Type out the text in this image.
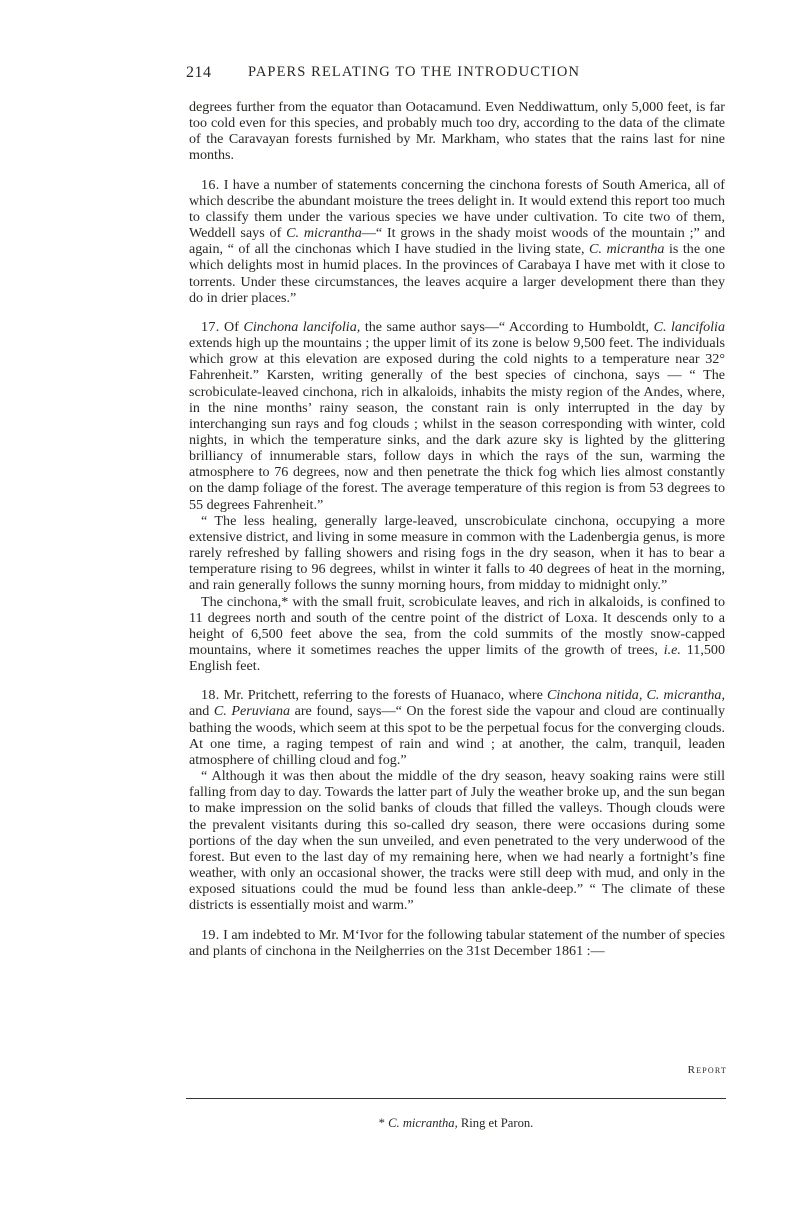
214	PAPERS RELATING TO THE INTRODUCTION

degrees further from the equator than Ootacamund. Even Neddiwattum, only 5,000 feet, is far too cold even for this species, and probably much too dry, according to the data of the climate of the Caravayan forests furnished by Mr. Markham, who states that the rains last for nine months.

16. I have a number of statements concerning the cinchona forests of South America, all of which describe the abundant moisture the trees delight in. It would extend this report too much to classify them under the various species we have under cultivation. To cite two of them, Weddell says of C. micrantha—“ It grows in the shady moist woods of the mountain ;” and again, “ of all the cinchonas which I have studied in the living state, C. micrantha is the one which delights most in humid places. In the provinces of Carabaya I have met with it close to torrents. Under these circumstances, the leaves acquire a larger development there than they do in drier places.”

17. Of Cinchona lancifolia, the same author says—“ According to Humboldt, C. lancifolia extends high up the mountains ; the upper limit of its zone is below 9,500 feet. The individuals which grow at this elevation are exposed during the cold nights to a temperature near 32° Fahrenheit.” Karsten, writing generally of the best species of cinchona, says — “ The scrobiculate-leaved cinchona, rich in alkaloids, inhabits the misty region of the Andes, where, in the nine months’ rainy season, the constant rain is only interrupted in the day by interchanging sun rays and fog clouds ; whilst in the season corresponding with winter, cold nights, in which the temperature sinks, and the dark azure sky is lighted by the glittering brilliancy of innumerable stars, follow days in which the rays of the sun, warming the atmosphere to 76 degrees, now and then penetrate the thick fog which lies almost constantly on the damp foliage of the forest. The average temperature of this region is from 53 degrees to 55 degrees Fahrenheit.”

“ The less healing, generally large-leaved, unscrobiculate cinchona, occupying a more extensive district, and living in some measure in common with the Ladenbergia genus, is more rarely refreshed by falling showers and rising fogs in the dry season, when it has to bear a temperature rising to 96 degrees, whilst in winter it falls to 40 degrees of heat in the morning, and rain generally follows the sunny morning hours, from midday to midnight only.”

The cinchona,* with the small fruit, scrobiculate leaves, and rich in alkaloids, is confined to 11 degrees north and south of the centre point of the district of Loxa. It descends only to a height of 6,500 feet above the sea, from the cold summits of the mostly snow-capped mountains, where it sometimes reaches the upper limits of the growth of trees, i.e. 11,500 English feet.

18. Mr. Pritchett, referring to the forests of Huanaco, where Cinchona nitida, C. micrantha, and C. Peruviana are found, says—“ On the forest side the vapour and cloud are continually bathing the woods, which seem at this spot to be the perpetual focus for the converging clouds. At one time, a raging tempest of rain and wind ; at another, the calm, tranquil, leaden atmosphere of chilling cloud and fog.”

“ Although it was then about the middle of the dry season, heavy soaking rains were still falling from day to day. Towards the latter part of July the weather broke up, and the sun began to make impression on the solid banks of clouds that filled the valleys. Though clouds were the prevalent visitants during this so-called dry season, there were occasions during some portions of the day when the sun unveiled, and even penetrated to the very underwood of the forest. But even to the last day of my remaining here, when we had nearly a fortnight’s fine weather, with only an occasional shower, the tracks were still deep with mud, and only in the exposed situations could the mud be found less than ankle-deep.” “ The climate of these districts is essentially moist and warm.”

19. I am indebted to Mr. M‘Ivor for the following tabular statement of the number of species and plants of cinchona in the Neilgherries on the 31st December 1861 :—

Report
* C. micrantha, Ring et Paron.
